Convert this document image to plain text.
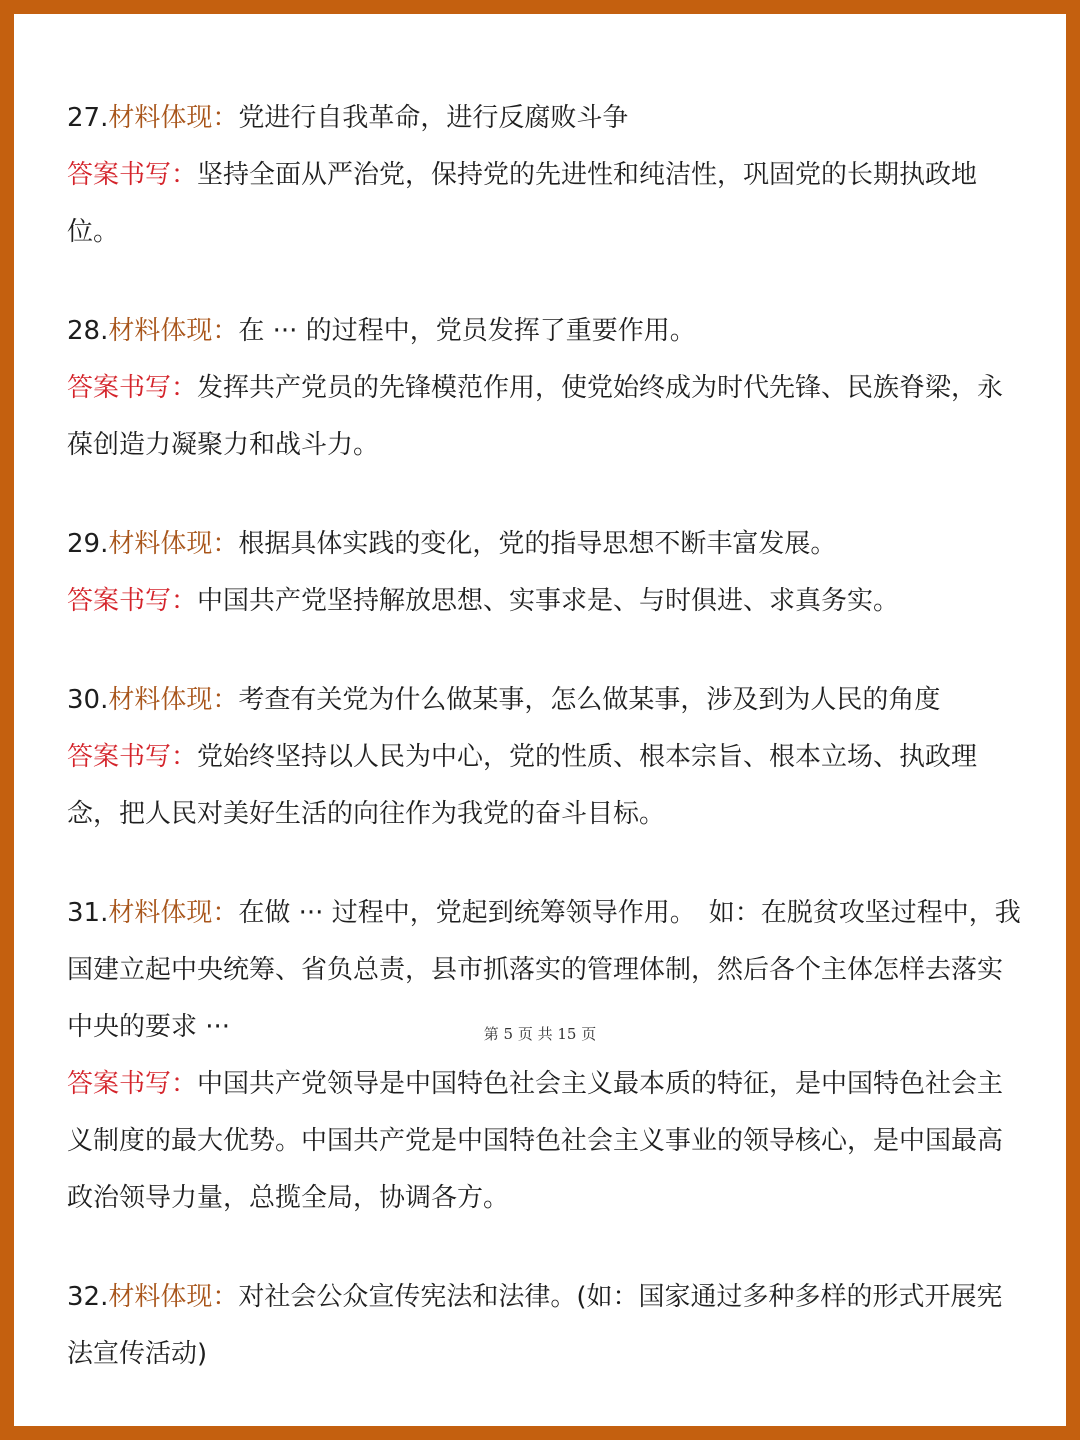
27.材料体现：党进行自我革命，进行反腐败斗争

答案书写：坚持全面从严治党，保持党的先进性和纯洁性，巩固党的长期执政地位。

28.材料体现：在 ··· 的过程中，党员发挥了重要作用。

答案书写：发挥共产党员的先锋模范作用，使党始终成为时代先锋、民族脊梁，永葆创造力凝聚力和战斗力。

29.材料体现：根据具体实践的变化，党的指导思想不断丰富发展。

答案书写：中国共产党坚持解放思想、实事求是、与时俱进、求真务实。

30.材料体现：考查有关党为什么做某事，怎么做某事，涉及到为人民的角度

答案书写：党始终坚持以人民为中心，党的性质、根本宗旨、根本立场、执政理念，把人民对美好生活的向往作为我党的奋斗目标。

31.材料体现：在做 ··· 过程中，党起到统筹领导作用。　如：在脱贫攻坚过程中，我国建立起中央统筹、省负总责，县市抓落实的管理体制，然后各个主体怎样去落实中央的要求 ···

答案书写：中国共产党领导是中国特色社会主义最本质的特征，是中国特色社会主义制度的最大优势。中国共产党是中国特色社会主义事业的领导核心，是中国最高政治领导力量，总揽全局，协调各方。

32.材料体现：对社会公众宣传宪法和法律。(如：国家通过多种多样的形式开展宪法宣传活动)

第 5 页 共 15 页
